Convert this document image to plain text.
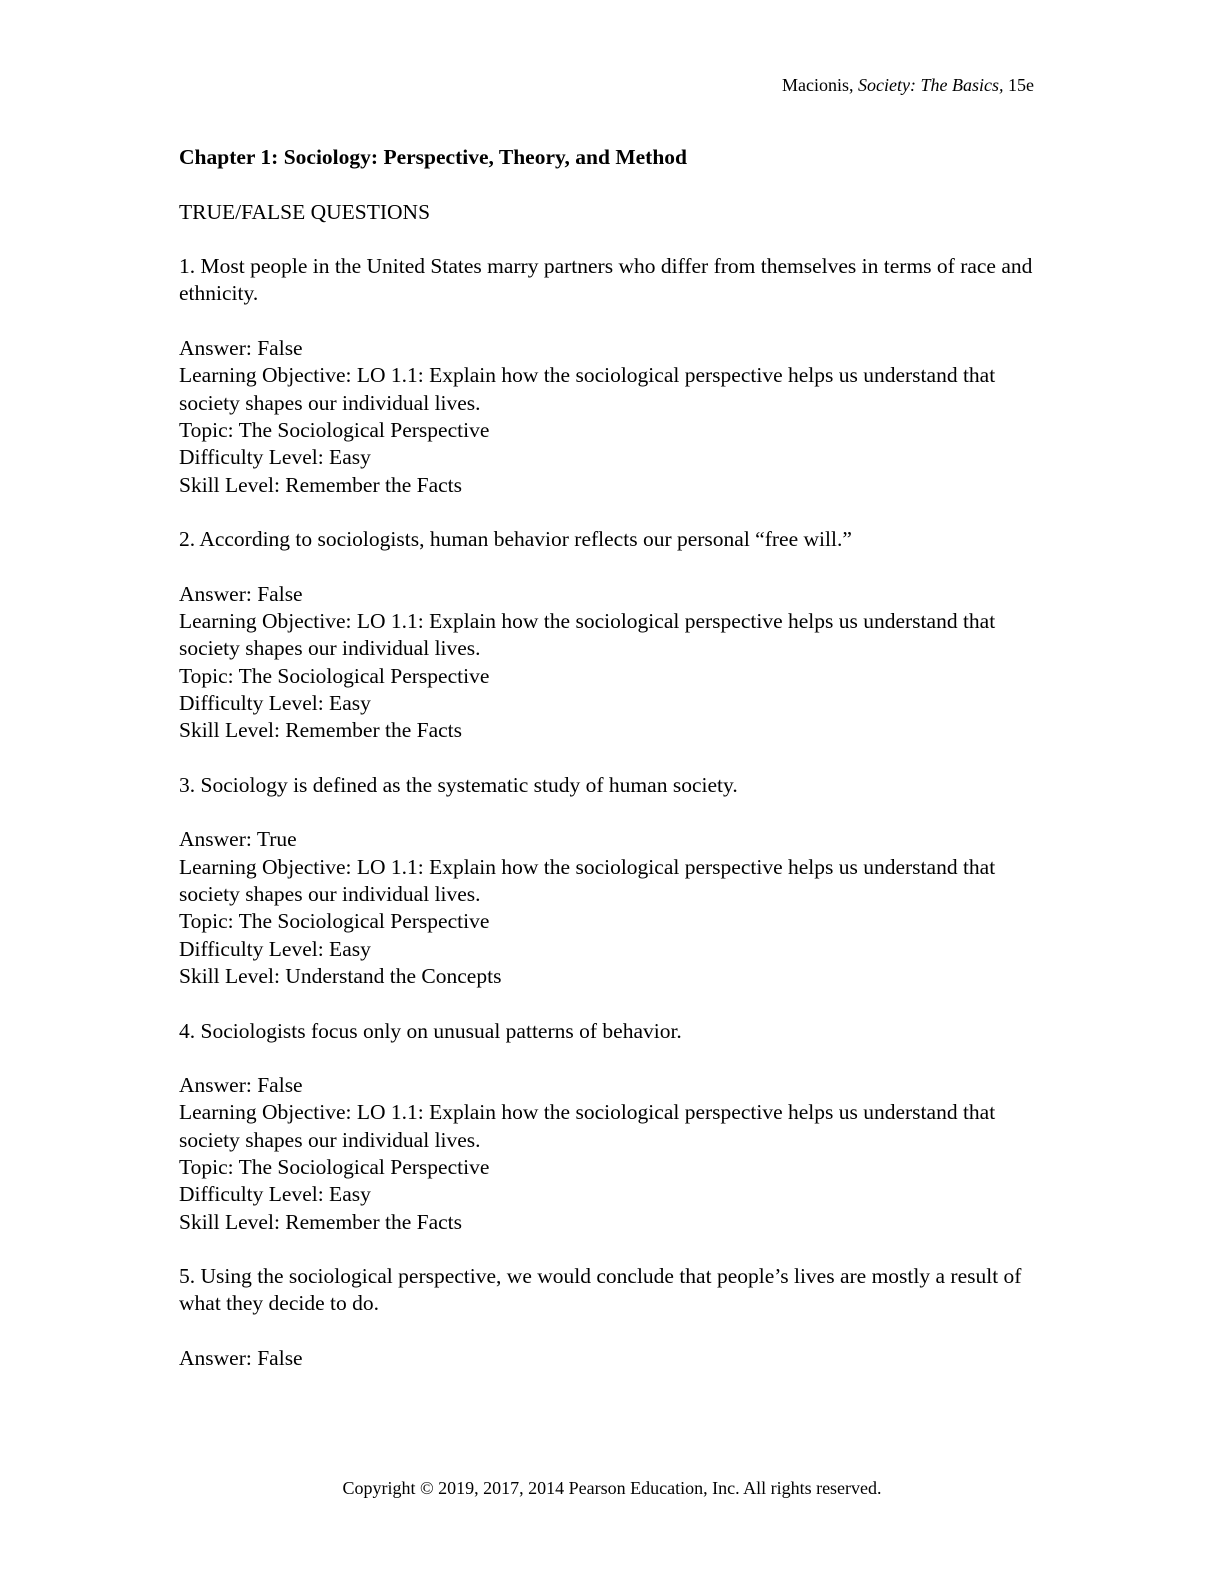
Macionis, Society: The Basics, 15e
Chapter 1: Sociology: Perspective, Theory, and Method
TRUE/FALSE QUESTIONS
1. Most people in the United States marry partners who differ from themselves in terms of race and ethnicity.
Answer: False
Learning Objective: LO 1.1: Explain how the sociological perspective helps us understand that society shapes our individual lives.
Topic: The Sociological Perspective
Difficulty Level: Easy
Skill Level: Remember the Facts
2. According to sociologists, human behavior reflects our personal “free will.”
Answer: False
Learning Objective: LO 1.1: Explain how the sociological perspective helps us understand that society shapes our individual lives.
Topic: The Sociological Perspective
Difficulty Level: Easy
Skill Level: Remember the Facts
3. Sociology is defined as the systematic study of human society.
Answer: True
Learning Objective: LO 1.1: Explain how the sociological perspective helps us understand that society shapes our individual lives.
Topic: The Sociological Perspective
Difficulty Level: Easy
Skill Level: Understand the Concepts
4. Sociologists focus only on unusual patterns of behavior.
Answer: False
Learning Objective: LO 1.1: Explain how the sociological perspective helps us understand that society shapes our individual lives.
Topic: The Sociological Perspective
Difficulty Level: Easy
Skill Level: Remember the Facts
5. Using the sociological perspective, we would conclude that people’s lives are mostly a result of what they decide to do.
Answer: False
Copyright © 2019, 2017, 2014 Pearson Education, Inc. All rights reserved.
